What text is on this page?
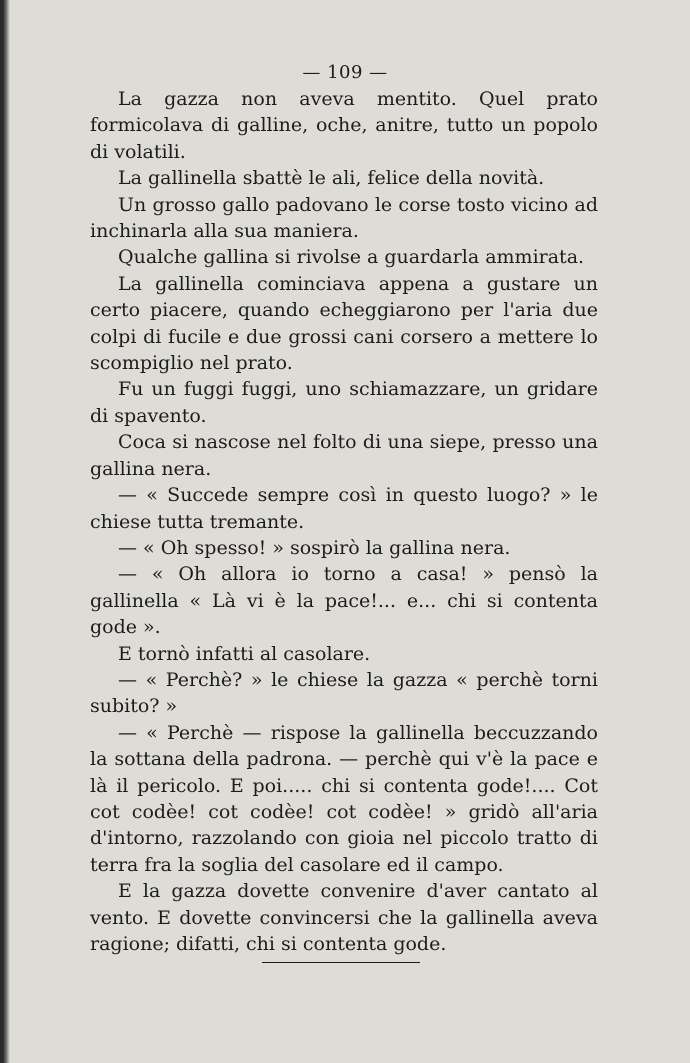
— 109 —

La gazza non aveva mentito. Quel prato formicolava di galline, oche, anitre, tutto un popolo di volatili.

La gallinella sbattè le ali, felice della novità.

Un grosso gallo padovano le corse tosto vicino ad inchinarla alla sua maniera.

Qualche gallina si rivolse a guardarla ammirata.

La gallinella cominciava appena a gustare un certo piacere, quando echeggiarono per l'aria due colpi di fucile e due grossi cani corsero a mettere lo scompiglio nel prato.

Fu un fuggi fuggi, uno schiamazzare, un gridare di spavento.

Coca si nascose nel folto di una siepe, presso una gallina nera.

— « Succede sempre così in questo luogo? » le chiese tutta tremante.

— « Oh spesso! » sospirò la gallina nera.

— « Oh allora io torno a casa! » pensò la gallinella « Là vi è la pace!... e... chi si contenta gode ».

E tornò infatti al casolare.

— « Perchè? » le chiese la gazza « perchè torni subito? »

— « Perchè — rispose la gallinella beccuzzando la sottana della padrona. — perchè qui v'è la pace e là il pericolo. E poi..... chi si contenta gode!.... Cot cot codèe! cot codèe! cot codèe! » gridò all'aria d'intorno, razzolando con gioia nel piccolo tratto di terra fra la soglia del casolare ed il campo.

E la gazza dovette convenire d'aver cantato al vento. E dovette convincersi che la gallinella aveva ragione; difatti, chi si contenta gode.
